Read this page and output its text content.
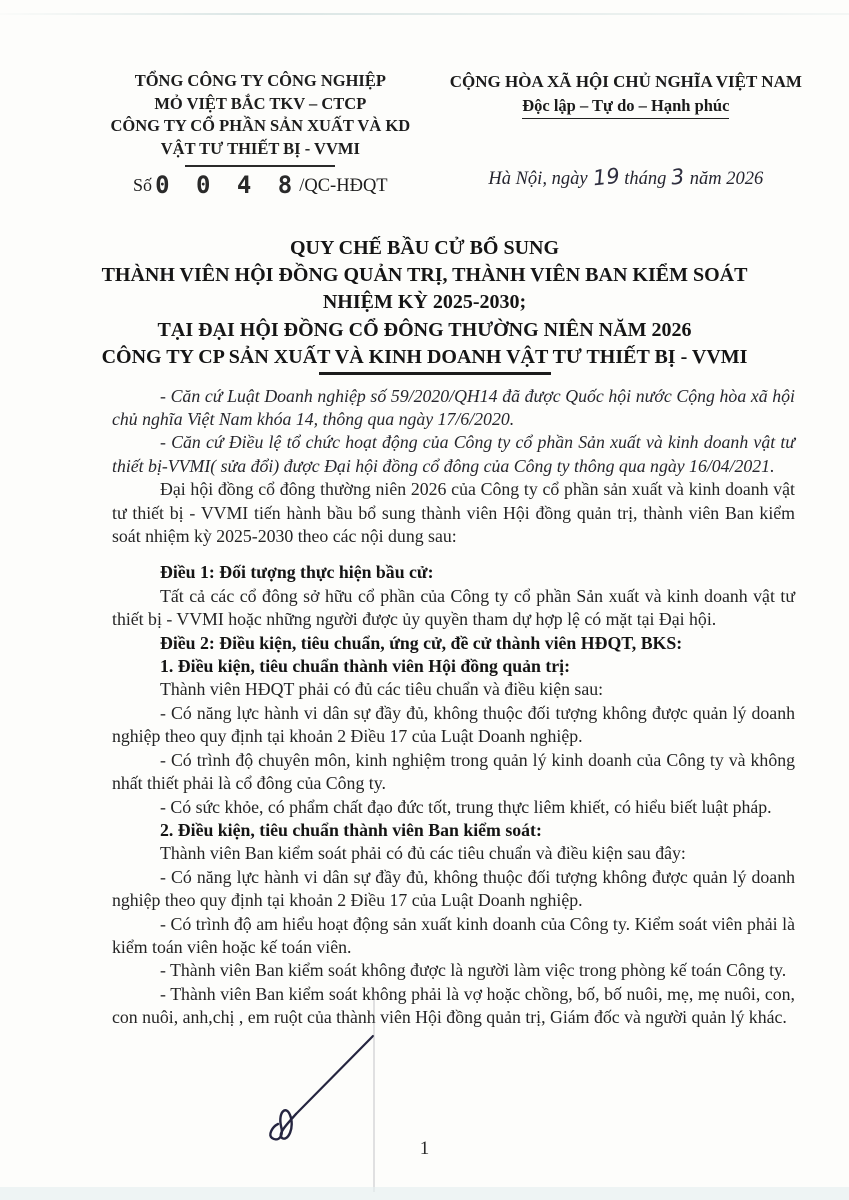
TỔNG CÔNG TY CÔNG NGHIỆP
MỎ VIỆT BẮC TKV – CTCP
CÔNG TY CỔ PHẦN SẢN XUẤT VÀ KD
VẬT TƯ THIẾT BỊ - VVMI
Số 0 0 4 8/QC-HĐQT
CỘNG HÒA XÃ HỘI CHỦ NGHĨA VIỆT NAM
Độc lập – Tự do – Hạnh phúc
Hà Nội, ngày 19 tháng 3 năm 2026
QUY CHẾ BẦU CỬ BỔ SUNG
THÀNH VIÊN HỘI ĐỒNG QUẢN TRỊ, THÀNH VIÊN BAN KIỂM SOÁT
NHIỆM KỲ 2025-2030;
TẠI ĐẠI HỘI ĐỒNG CỔ ĐÔNG THƯỜNG NIÊN NĂM 2026
CÔNG TY CP SẢN XUẤT VÀ KINH DOANH VẬT TƯ THIẾT BỊ - VVMI

- Căn cứ Luật Doanh nghiệp số 59/2020/QH14 đã được Quốc hội nước Cộng hòa xã hội chủ nghĩa Việt Nam khóa 14, thông qua ngày 17/6/2020.

- Căn cứ Điều lệ tổ chức hoạt động của Công ty cổ phần Sản xuất và kinh doanh vật tư thiết bị-VVMI( sửa đổi) được Đại hội đồng cổ đông của Công ty thông qua ngày 16/04/2021.

Đại hội đồng cổ đông thường niên 2026 của Công ty cổ phần sản xuất và kinh doanh vật tư thiết bị - VVMI tiến hành bầu bổ sung thành viên Hội đồng quản trị, thành viên Ban kiểm soát nhiệm kỳ 2025-2030 theo các nội dung sau:

Điều 1: Đối tượng thực hiện bầu cử:

Tất cả các cổ đông sở hữu cổ phần của Công ty cổ phần Sản xuất và kinh doanh vật tư thiết bị - VVMI hoặc những người được ủy quyền tham dự hợp lệ có mặt tại Đại hội.

Điều 2: Điều kiện, tiêu chuẩn, ứng cử, đề cử thành viên HĐQT, BKS:

1. Điều kiện, tiêu chuẩn thành viên Hội đồng quản trị:

Thành viên HĐQT phải có đủ các tiêu chuẩn và điều kiện sau:

- Có năng lực hành vi dân sự đầy đủ, không thuộc đối tượng không được quản lý doanh nghiệp theo quy định tại khoản 2 Điều 17 của Luật Doanh nghiệp.

- Có trình độ chuyên môn, kinh nghiệm trong quản lý kinh doanh của Công ty và không nhất thiết phải là cổ đông của Công ty.

- Có sức khỏe, có phẩm chất đạo đức tốt, trung thực liêm khiết, có hiểu biết luật pháp.

2. Điều kiện, tiêu chuẩn thành viên Ban kiểm soát:

Thành viên Ban kiểm soát phải có đủ các tiêu chuẩn và điều kiện sau đây:

- Có năng lực hành vi dân sự đầy đủ, không thuộc đối tượng không được quản lý doanh nghiệp theo quy định tại khoản 2 Điều 17 của Luật Doanh nghiệp.

- Có trình độ am hiểu hoạt động sản xuất kinh doanh của Công ty. Kiểm soát viên phải là kiểm toán viên hoặc kế toán viên.

- Thành viên Ban kiểm soát không được là người làm việc trong phòng kế toán Công ty.

- Thành viên Ban kiểm soát không phải là vợ hoặc chồng, bố, bố nuôi, mẹ, mẹ nuôi, con, con nuôi, anh,chị , em ruột của thành viên Hội đồng quản trị, Giám đốc và người quản lý khác.

1
